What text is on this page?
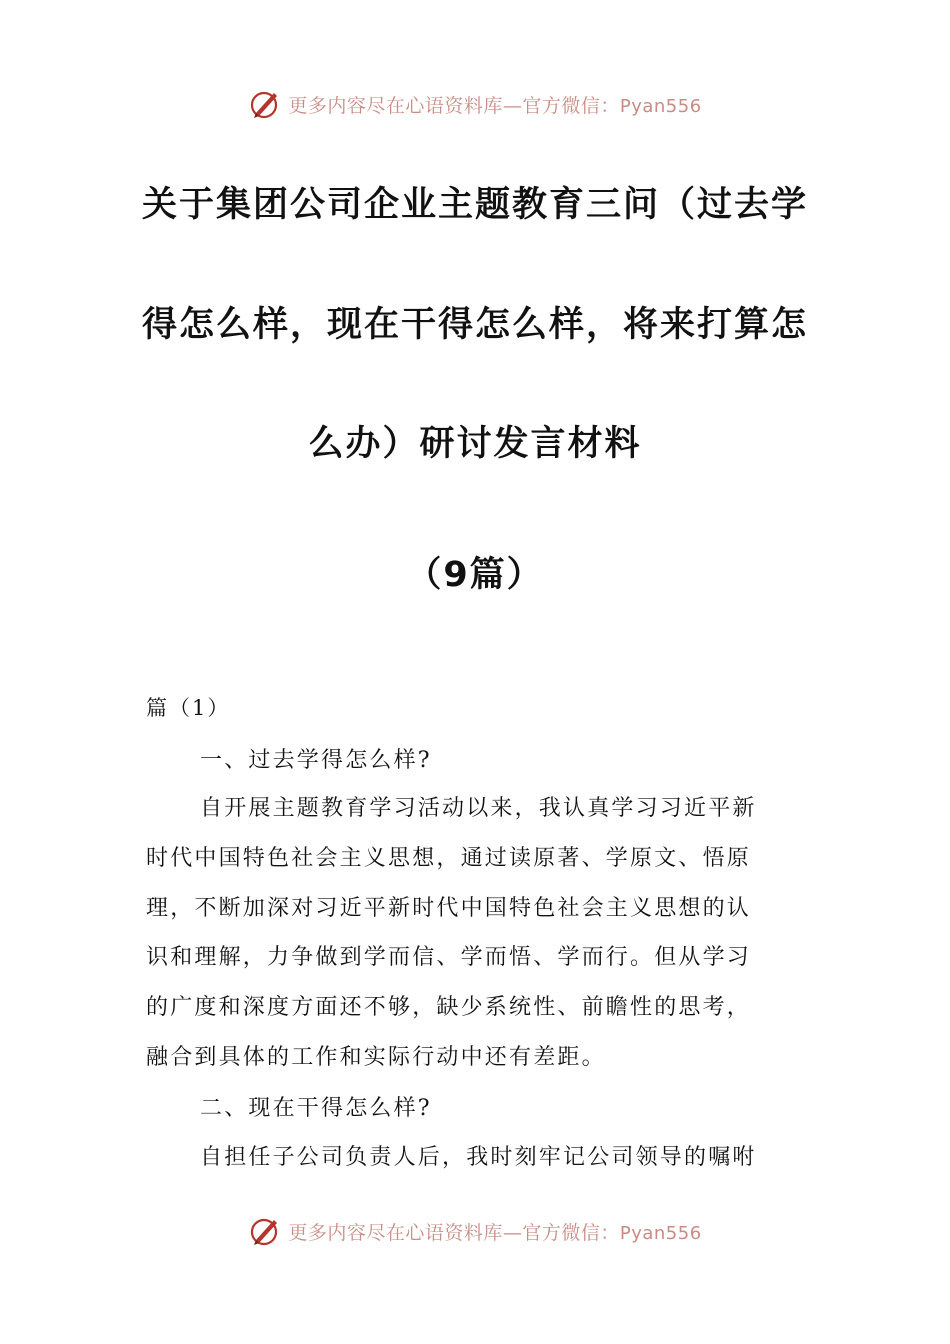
更多内容尽在心语资料库—官方微信：Pyan556
关于集团公司企业主题教育三问（过去学
得怎么样，现在干得怎么样，将来打算怎
么办）研讨发言材料
（9篇）
篇（1）
一、过去学得怎么样?
自开展主题教育学习活动以来，我认真学习习近平新
时代中国特色社会主义思想，通过读原著、学原文、悟原
理，不断加深对习近平新时代中国特色社会主义思想的认
识和理解，力争做到学而信、学而悟、学而行。但从学习
的广度和深度方面还不够，缺少系统性、前瞻性的思考，
融合到具体的工作和实际行动中还有差距。
二、现在干得怎么样?
自担任子公司负责人后，我时刻牢记公司领导的嘱咐
更多内容尽在心语资料库—官方微信：Pyan556
